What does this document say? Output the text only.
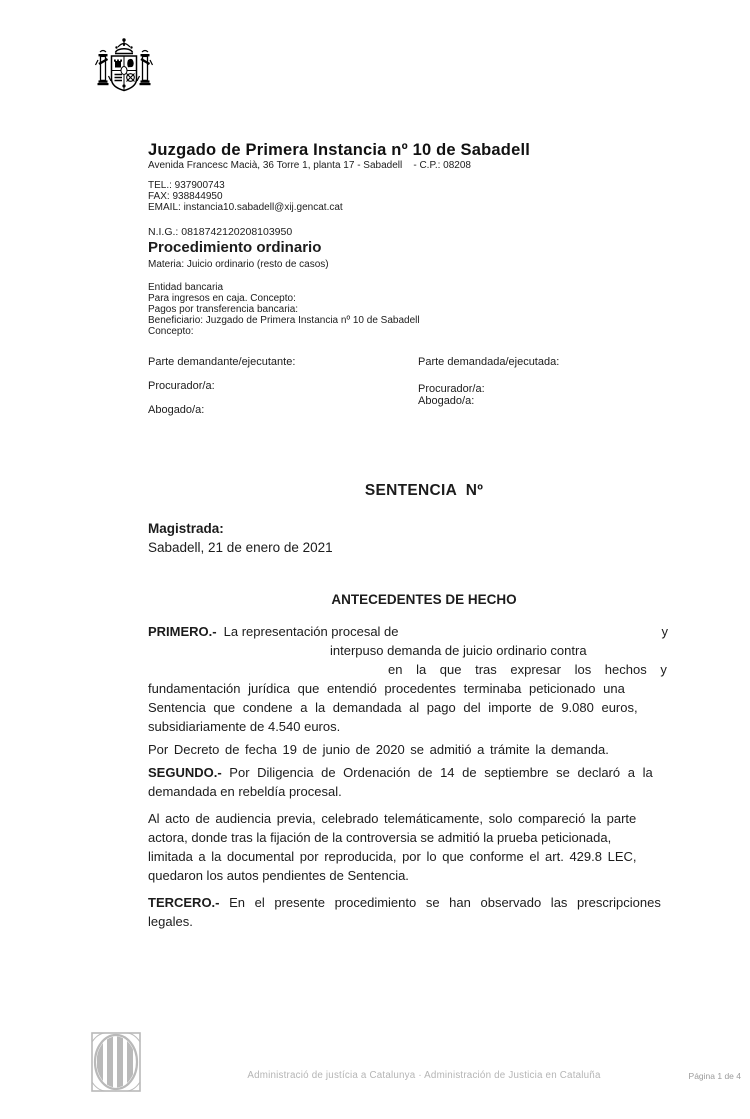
Juzgado de Primera Instancia nº 10 de Sabadell
Avenida Francesc Macià, 36 Torre 1, planta 17 - Sabadell    - C.P.: 08208
TEL.: 937900743
FAX: 938844950
EMAIL: instancia10.sabadell@xij.gencat.cat
N.I.G.: 0818742120208103950
Procedimiento ordinario
Materia: Juicio ordinario (resto de casos)
Entidad bancaria
Para ingresos en caja. Concepto:
Pagos por transferencia bancaria:
Beneficiario: Juzgado de Primera Instancia nº 10 de Sabadell
Concepto:
Parte demandante/ejecutante:
Procurador/a:
Abogado/a:
Parte demandada/ejecutada:
Procurador/a:
Abogado/a:
SENTENCIA  Nº
Magistrada:
Sabadell, 21 de enero de 2021
ANTECEDENTES DE HECHO
PRIMERO.- La representación procesal de	y
interpuso demanda de juicio ordinario contra
en la que tras expresar los hechos y
fundamentación jurídica que entendió procedentes terminaba peticionado una
Sentencia que condene a la demandada al pago del importe de 9.080 euros,
subsidiariamente de 4.540 euros.
Por Decreto de fecha 19 de junio de 2020 se admitió a trámite la demanda.
SEGUNDO.- Por Diligencia de Ordenación de 14 de septiembre se declaró a la
demandada en rebeldía procesal.
Al acto de audiencia previa, celebrado telemáticamente, solo compareció la parte
actora, donde tras la fijación de la controversia se admitió la prueba peticionada,
limitada a la documental por reproducida, por lo que conforme el art. 429.8 LEC,
quedaron los autos pendientes de Sentencia.
TERCERO.- En el presente procedimiento se han observado las prescripciones
legales.
Administració de justícia a Catalunya · Administración de Justicia en Cataluña	Página 1 de 4
